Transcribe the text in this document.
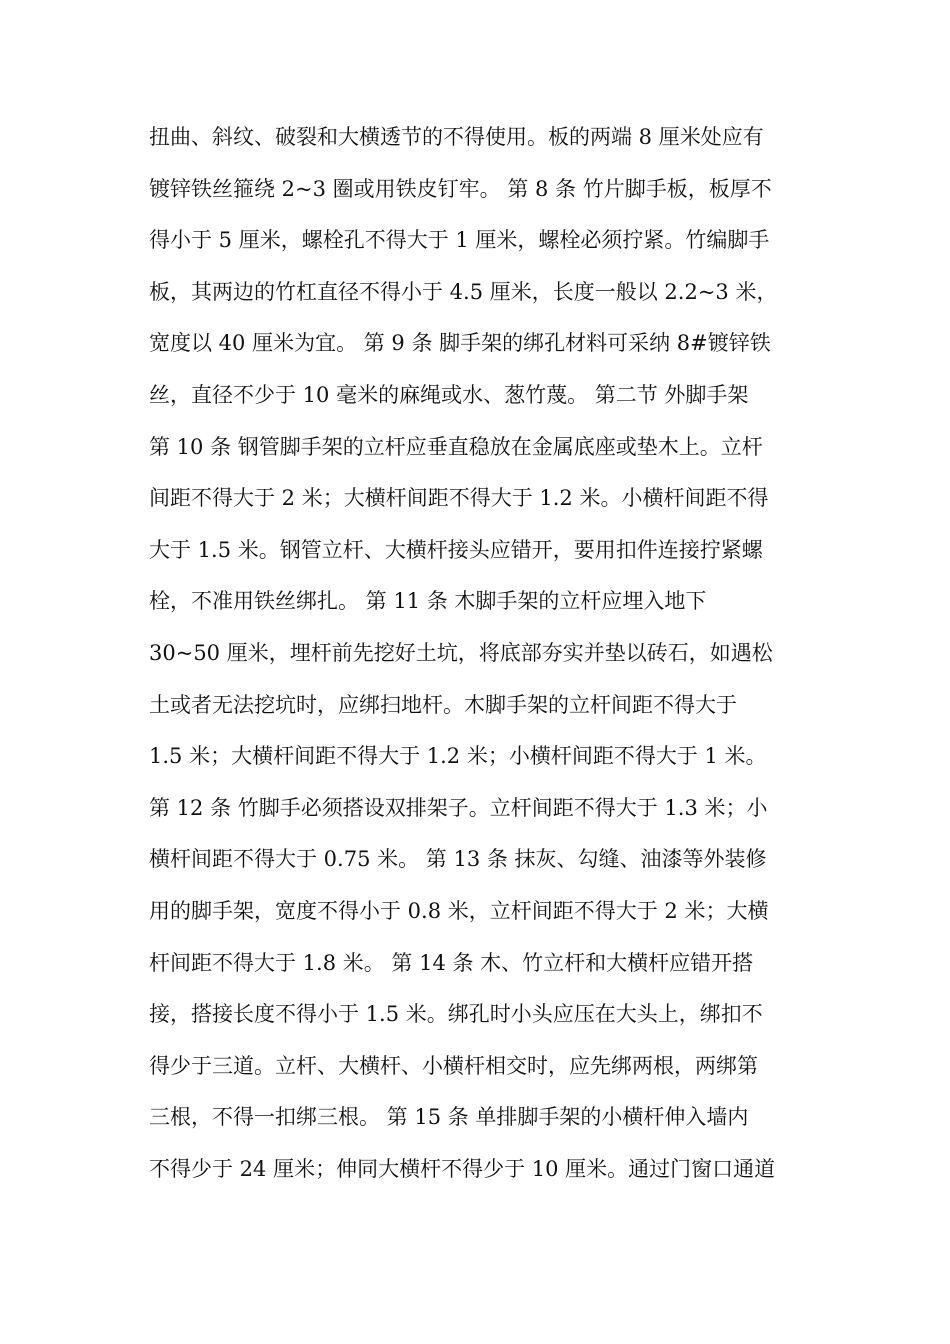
扭曲、斜纹、破裂和大横透节的不得使用。板的两端 8 厘米处应有
镀锌铁丝箍绕 2~3 圈或用铁皮钉牢。 第 8 条 竹片脚手板，板厚不
得小于 5 厘米，螺栓孔不得大于 1 厘米，螺栓必须拧紧。竹编脚手
板，其两边的竹杠直径不得小于 4.5 厘米，长度一般以 2.2~3 米，
宽度以 40 厘米为宜。 第 9 条 脚手架的绑孔材料可采纳 8#镀锌铁
丝，直径不少于 10 毫米的麻绳或水、葱竹蔑。 第二节 外脚手架
第 10 条 钢管脚手架的立杆应垂直稳放在金属底座或垫木上。立杆
间距不得大于 2 米；大横杆间距不得大于 1.2 米。小横杆间距不得
大于 1.5 米。钢管立杆、大横杆接头应错开，要用扣件连接拧紧螺
栓，不准用铁丝绑扎。 第 11 条 木脚手架的立杆应埋入地下
30~50 厘米，埋杆前先挖好土坑，将底部夯实并垫以砖石，如遇松
土或者无法挖坑时，应绑扫地杆。木脚手架的立杆间距不得大于
1.5 米；大横杆间距不得大于 1.2 米；小横杆间距不得大于 1 米。
第 12 条 竹脚手必须搭设双排架子。立杆间距不得大于 1.3 米；小
横杆间距不得大于 0.75 米。 第 13 条 抹灰、勾缝、油漆等外装修
用的脚手架，宽度不得小于 0.8 米，立杆间距不得大于 2 米；大横
杆间距不得大于 1.8 米。 第 14 条 木、竹立杆和大横杆应错开搭
接，搭接长度不得小于 1.5 米。绑孔时小头应压在大头上，绑扣不
得少于三道。立杆、大横杆、小横杆相交时，应先绑两根，两绑第
三根，不得一扣绑三根。 第 15 条 单排脚手架的小横杆伸入墙内
不得少于 24 厘米；伸同大横杆不得少于 10 厘米。通过门窗口通道
